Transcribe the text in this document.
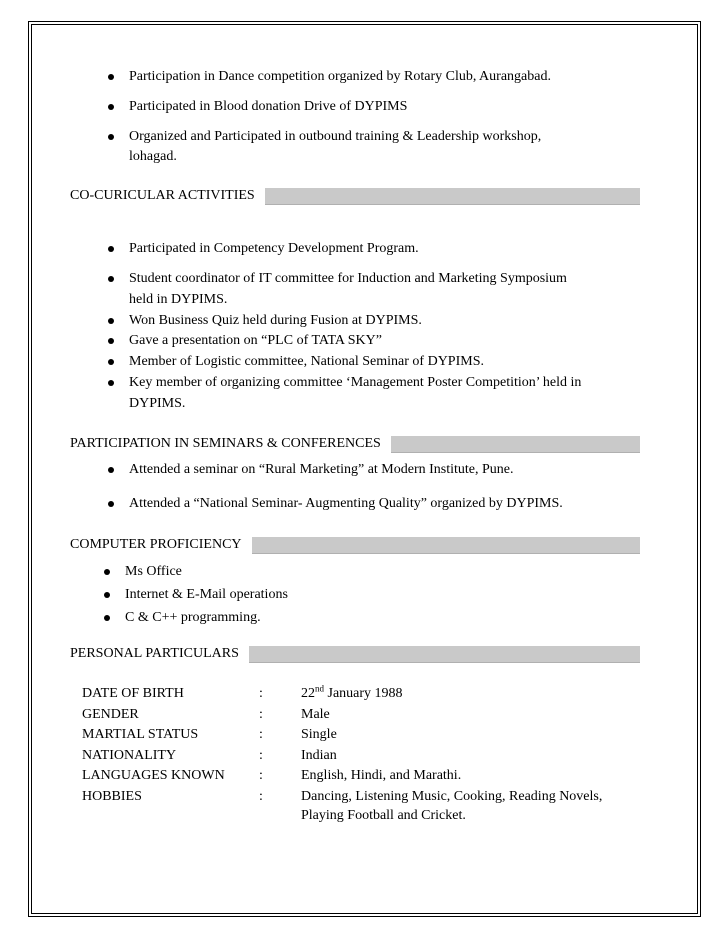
Participation in Dance competition organized by Rotary Club, Aurangabad.
Participated in Blood donation Drive of DYPIMS
Organized and Participated in outbound training & Leadership workshop,
lohagad.
CO-CURICULAR ACTIVITIES
Participated in Competency Development Program.
Student coordinator of IT committee for Induction and Marketing Symposium
held in DYPIMS.
Won Business Quiz held during Fusion at DYPIMS.
Gave a presentation on “PLC of TATA SKY”
Member of Logistic committee, National Seminar of DYPIMS.
Key member of organizing committee ‘Management Poster Competition’ held in
DYPIMS.
PARTICIPATION IN SEMINARS & CONFERENCES
Attended a seminar on “Rural Marketing” at Modern Institute, Pune.
Attended a “National Seminar- Augmenting Quality” organized by DYPIMS.
COMPUTER PROFICIENCY
Ms Office
Internet & E-Mail operations
C & C++ programming.
PERSONAL PARTICULARS
DATE OF BIRTH	:	22nd January 1988
GENDER	:	Male
MARTIAL STATUS	:	Single
NATIONALITY	:	Indian
LANGUAGES KNOWN :	English, Hindi, and Marathi.
HOBBIES	:	Dancing, Listening Music, Cooking, Reading Novels,
Playing Football and Cricket.
